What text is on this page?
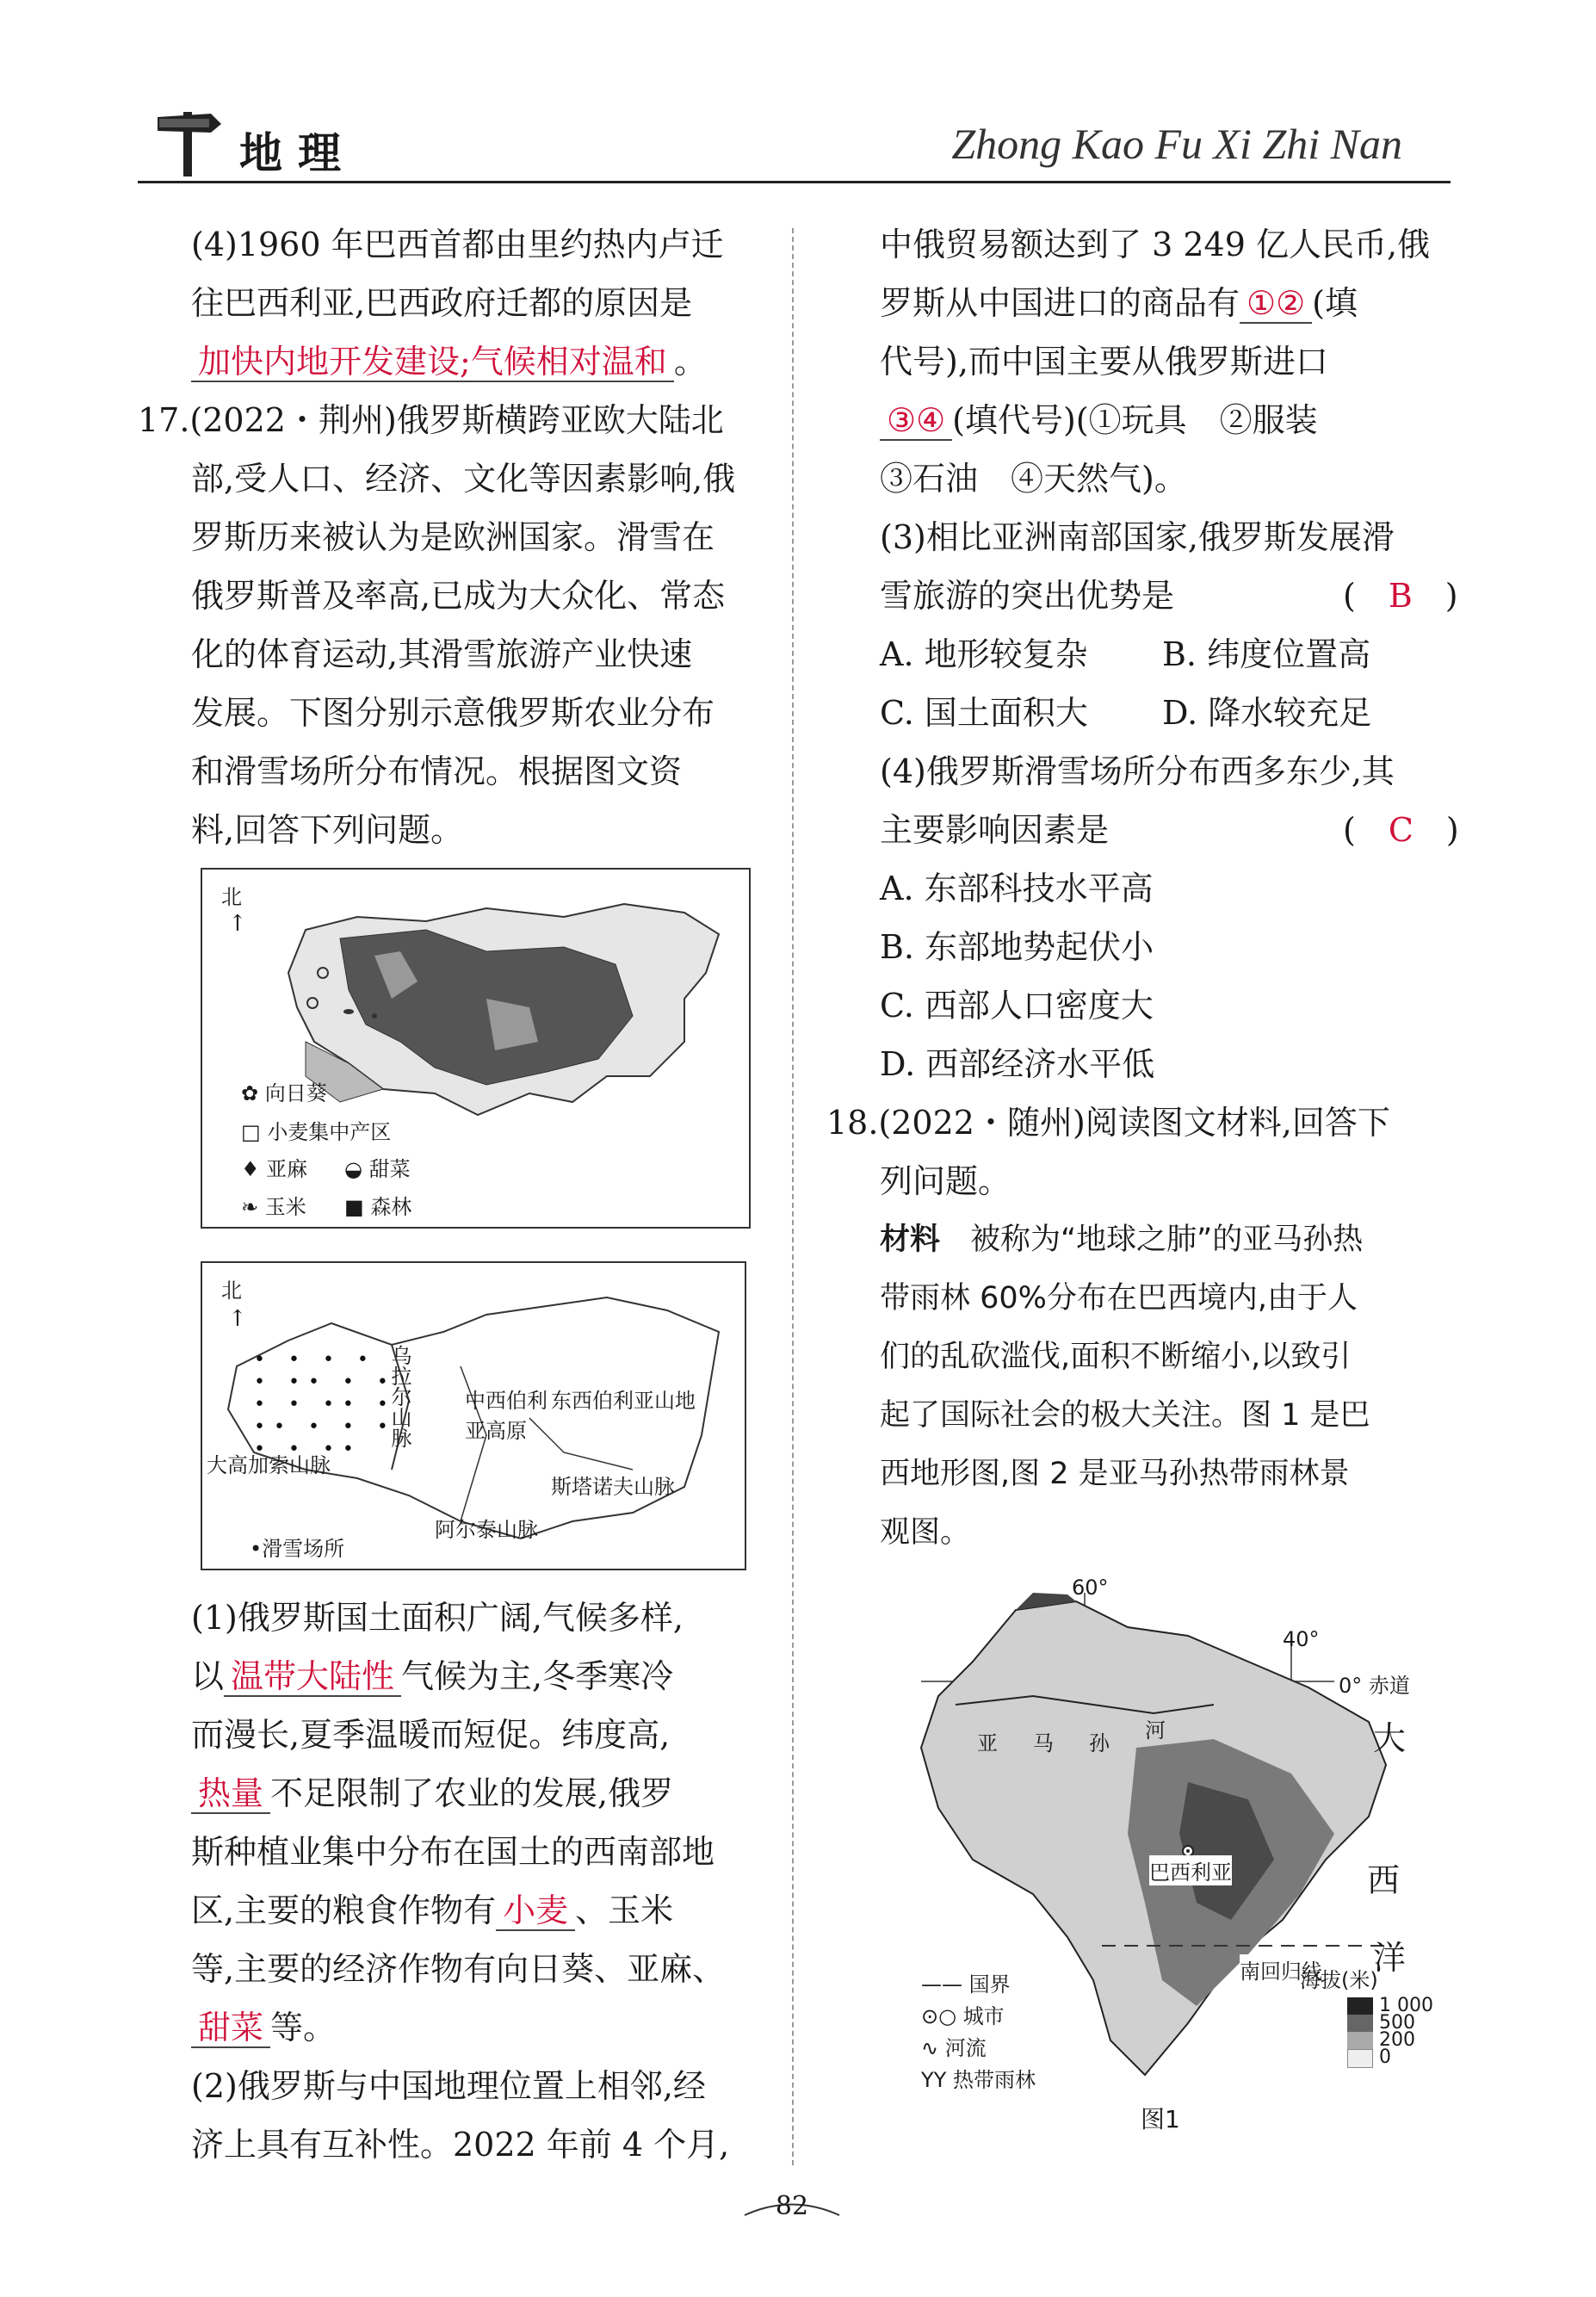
地理	Zhong Kao Fu Xi Zhi Nan
(4)1960 年巴西首都由里约热内卢迁
往巴西利亚,巴西政府迁都的原因是
加快内地开发建设;气候相对温和 。
17.(2022・荆州)俄罗斯横跨亚欧大陆北
部,受人口、经济、文化等因素影响,俄
罗斯历来被认为是欧洲国家。滑雪在
俄罗斯普及率高,已成为大众化、常态
化的体育运动,其滑雪旅游产业快速
发展。下图分别示意俄罗斯农业分布
和滑雪场所分布情况。根据图文资
料,回答下列问题。
北
↑
✿ 向日葵
□ 小麦集中产区
♦ 亚麻 ◒ 甜菜
❧ 玉米 ■ 森林
北
↑
• • • •
• •• • •
• • •• •
•• • • •
• • ••
乌拉尔山脉	中西伯利亚高原
东西伯利亚山地
大高加索山脉
斯塔诺夫山脉
阿尔泰山脉
•滑雪场所
(1)俄罗斯国土面积广阔,气候多样,
以 温带大陆性 气候为主,冬季寒冷
而漫长,夏季温暖而短促。纬度高,
热量 不足限制了农业的发展,俄罗
斯种植业集中分布在国土的西南部地
区,主要的粮食作物有 小麦 、玉米
等,主要的经济作物有向日葵、亚麻、
甜菜 等。
(2)俄罗斯与中国地理位置上相邻,经
济上具有互补性。2022 年前 4 个月,
中俄贸易额达到了 3 249 亿人民币,俄
罗斯从中国进口的商品有 ①② (填
代号),而中国主要从俄罗斯进口
③④ (填代号)(①玩具　②服装
③石油　④天然气)。
(3)相比亚洲南部国家,俄罗斯发展滑
雪旅游的突出优势是	(　B　)
A. 地形较复杂 B. 纬度位置高
C. 国土面积大 D. 降水较充足
(4)俄罗斯滑雪场所分布西多东少,其
主要影响因素是	(　C　)
A. 东部科技水平高
B. 东部地势起伏小
C. 西部人口密度大
D. 西部经济水平低
18.(2022・随州)阅读图文材料,回答下
列问题。
材料　 被称为“地球之肺”的亚马孙热
带雨林 60%分布在巴西境内,由于人
们的乱砍滥伐,面积不断缩小,以致引
起了国际社会的极大关注。图 1 是巴
西地形图,图 2 是亚马孙热带雨林景
观图。
60°
40°
0° 赤道
大
西
洋
亚 马 孙
河
巴西利亚
南回归线
—— 国界
⊙○ 城市
∿ 河流
ΥΥ 热带雨林
海拔(米)
1 000
500
200
0
图1
82
